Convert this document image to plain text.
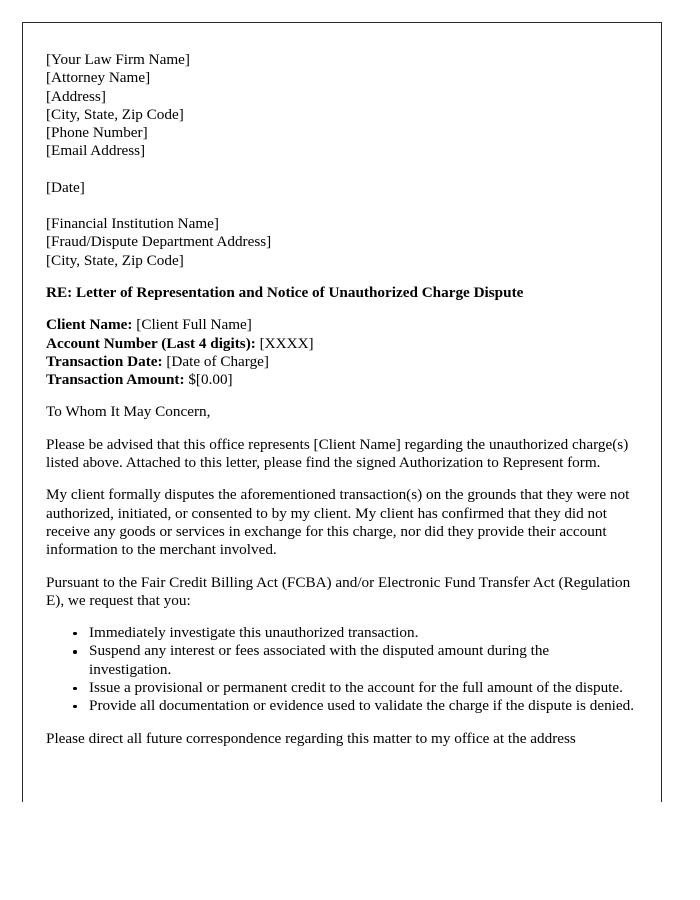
[Your Law Firm Name]
[Attorney Name]
[Address]
[City, State, Zip Code]
[Phone Number]
[Email Address]
[Date]
[Financial Institution Name]
[Fraud/Dispute Department Address]
[City, State, Zip Code]
RE: Letter of Representation and Notice of Unauthorized Charge Dispute
Client Name: [Client Full Name]
Account Number (Last 4 digits): [XXXX]
Transaction Date: [Date of Charge]
Transaction Amount: $[0.00]
To Whom It May Concern,
Please be advised that this office represents [Client Name] regarding the unauthorized charge(s) listed above. Attached to this letter, please find the signed Authorization to Represent form.
My client formally disputes the aforementioned transaction(s) on the grounds that they were not authorized, initiated, or consented to by my client. My client has confirmed that they did not receive any goods or services in exchange for this charge, nor did they provide their account information to the merchant involved.
Pursuant to the Fair Credit Billing Act (FCBA) and/or Electronic Fund Transfer Act (Regulation E), we request that you:
Immediately investigate this unauthorized transaction.
Suspend any interest or fees associated with the disputed amount during the investigation.
Issue a provisional or permanent credit to the account for the full amount of the dispute.
Provide all documentation or evidence used to validate the charge if the dispute is denied.
Please direct all future correspondence regarding this matter to my office at the address
